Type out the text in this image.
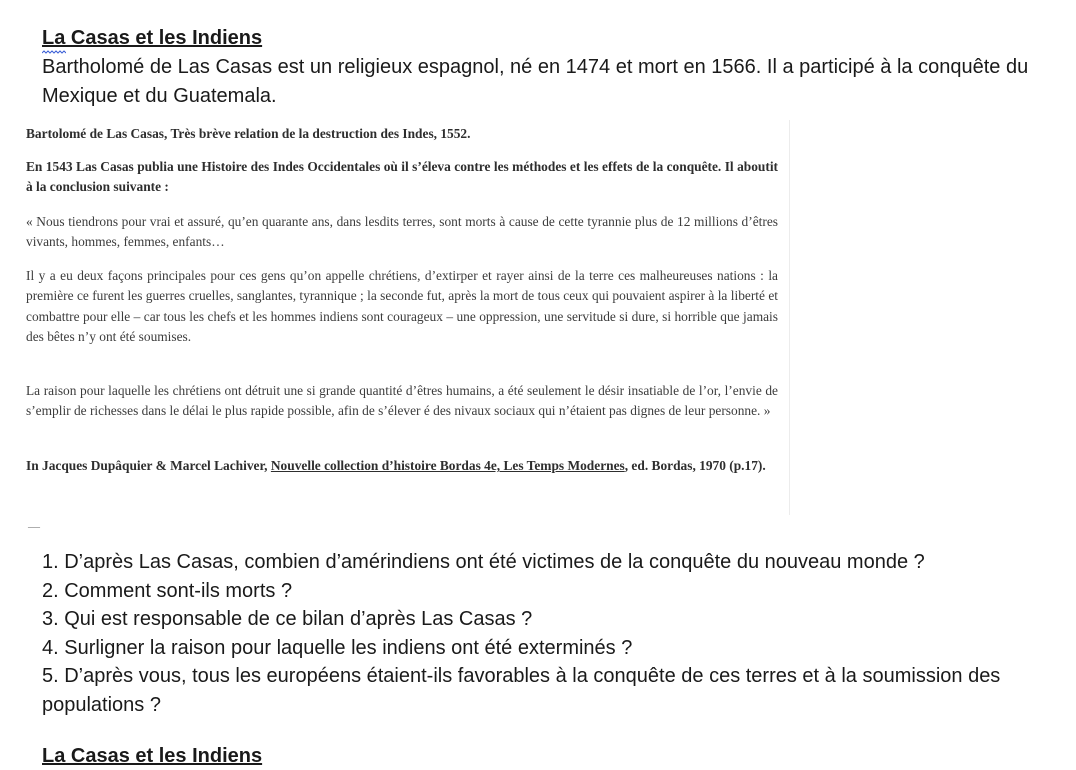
La Casas et les Indiens

Bartholomé de Las Casas est un religieux espagnol, né en 1474 et mort en 1566. Il a participé à la conquête du Mexique et du Guatemala.

Bartolomé de Las Casas, Très brève relation de la destruction des Indes, 1552.

En 1543 Las Casas publia une Histoire des Indes Occidentales où il s’éleva contre les méthodes et les effets de la conquête. Il aboutit à la conclusion suivante :

« Nous tiendrons pour vrai et assuré, qu’en quarante ans, dans lesdits terres, sont morts à cause de cette tyrannie plus de 12 millions d’êtres vivants, hommes, femmes, enfants…

Il y a eu deux façons principales pour ces gens qu’on appelle chrétiens, d’extirper et rayer ainsi de la terre ces malheureuses nations : la première ce furent les guerres cruelles, sanglantes, tyrannique ; la seconde fut, après la mort de tous ceux qui pouvaient aspirer à la liberté et combattre pour elle – car tous les chefs et les hommes indiens sont courageux – une oppression, une servitude si dure, si horrible que jamais des bêtes n’y ont été soumises.

La raison pour laquelle les chrétiens ont détruit une si grande quantité d’êtres humains, a été seulement le désir insatiable de l’or, l’envie de s’emplir de richesses dans le délai le plus rapide possible, afin de s’élever é des nivaux sociaux qui n’étaient pas dignes de leur personne. »

In Jacques Dupâquier & Marcel Lachiver, Nouvelle collection d’histoire Bordas 4e, Les Temps Modernes, ed. Bordas, 1970 (p.17).

—
1. D’après Las Casas, combien d’amérindiens ont été victimes de la conquête du nouveau monde ?
2. Comment sont-ils morts ?
3. Qui est responsable de ce bilan d’après Las Casas ?
4. Surligner la raison pour laquelle les indiens ont été exterminés ?
5. D’après vous, tous les européens étaient-ils favorables à la conquête de ces terres et à la soumission des populations ?
La Casas et les Indiens
